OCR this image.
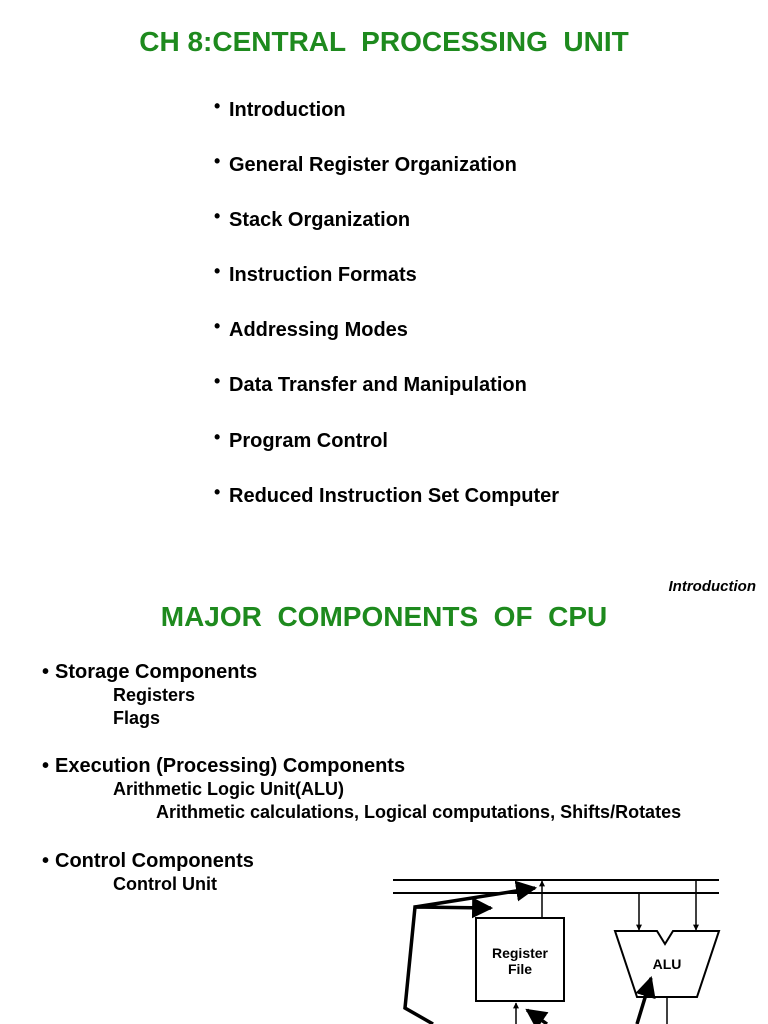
CH 8:CENTRAL  PROCESSING  UNIT
• Introduction
• General Register Organization
• Stack Organization
• Instruction Formats
• Addressing Modes
• Data Transfer and Manipulation
• Program Control
• Reduced Instruction Set Computer
Introduction
MAJOR  COMPONENTS  OF  CPU
• Storage Components
Registers
Flags
• Execution (Processing) Components
Arithmetic Logic Unit(ALU)
Arithmetic calculations, Logical computations, Shifts/Rotates
• Control Components
Control Unit
Register
File	ALU
